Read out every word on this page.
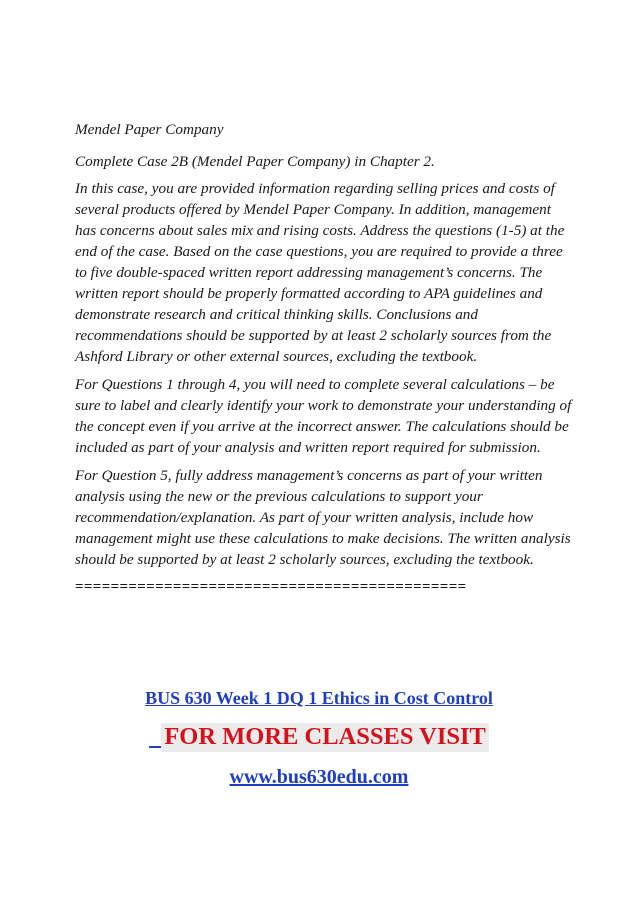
Mendel Paper Company

Complete Case 2B (Mendel Paper Company) in Chapter 2.

In this case, you are provided information regarding selling prices and costs of several products offered by Mendel Paper Company. In addition, management has concerns about sales mix and rising costs. Address the questions (1-5) at the end of the case. Based on the case questions, you are required to provide a three to five double-spaced written report addressing management’s concerns. The written report should be properly formatted according to APA guidelines and demonstrate research and critical thinking skills. Conclusions and recommendations should be supported by at least 2 scholarly sources from the Ashford Library or other external sources, excluding the textbook.

For Questions 1 through 4, you will need to complete several calculations – be sure to label and clearly identify your work to demonstrate your understanding of the concept even if you arrive at the incorrect answer. The calculations should be included as part of your analysis and written report required for submission.

For Question 5, fully address management’s concerns as part of your written analysis using the new or the previous calculations to support your recommendation/explanation. As part of your written analysis, include how management might use these calculations to make decisions. The written analysis should be supported by at least 2 scholarly sources, excluding the textbook.

============================================

BUS 630 Week 1 DQ 1 Ethics in Cost Control
FOR MORE CLASSES VISIT
www.bus630edu.com
